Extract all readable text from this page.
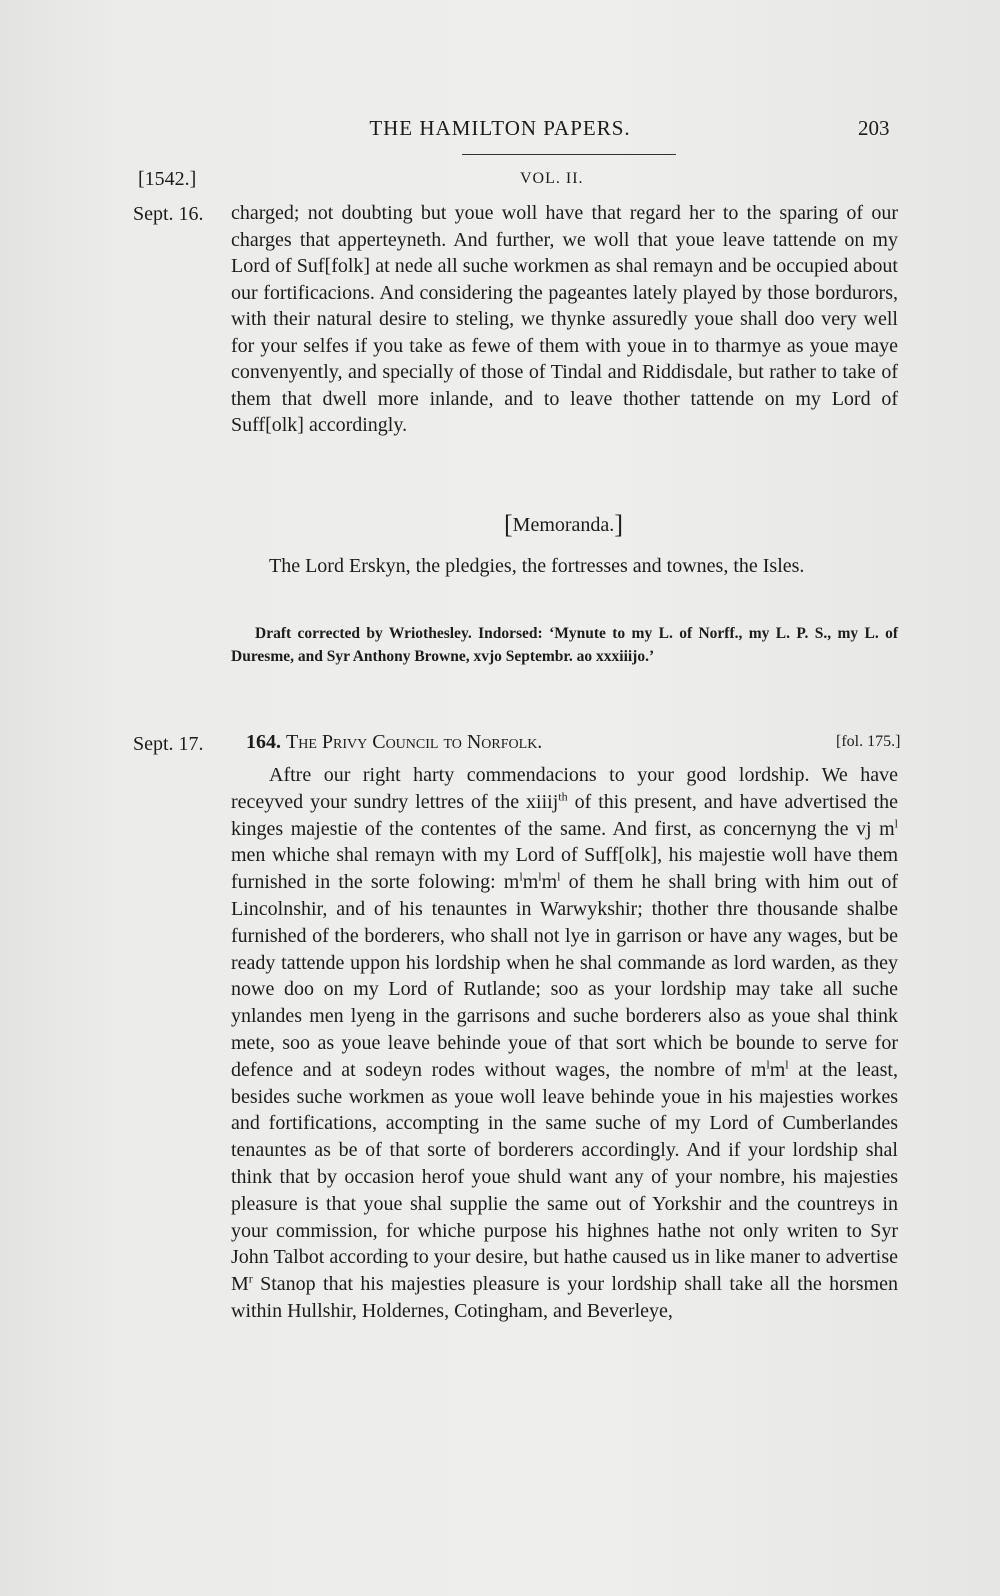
THE HAMILTON PAPERS.	203
[1542.]	VOL. II.
Sept. 16. charged; not doubting but youe woll have that regard her to the sparing of our charges that apperteyneth. And further, we woll that youe leave tattende on my Lord of Suf[folk] at nede all suche workmen as shal remayn and be occupied about our fortificacions. And considering the pageantes lately played by those bordurors, with their natural desire to steling, we thynke assuredly youe shall doo very well for your selfes if you take as fewe of them with youe in to tharmye as youe maye convenyently, and specially of those of Tindal and Riddisdale, but rather to take of them that dwell more inlande, and to leave thother tattende on my Lord of Suff[olk] accordingly.

[Memoranda.]

The Lord Erskyn, the pledgies, the fortresses and townes, the Isles.

Draft corrected by Wriothesley. Indorsed: ‘Mynute to my L. of Norff., my L. P. S., my L. of Duresme, and Syr Anthony Browne, xvjo Septembr. ao xxxiiijo.’

Sept. 17. 164. The Privy Council to Norfolk.	[fol. 175.]

Aftre our right harty commendacions to your good lordship. We have receyved your sundry lettres of the xiiij$^{th}$ of this present, and have advertised the kinges majestie of the contentes of the same. And first, as concernyng the vj $m^l$ men whiche shal remayn with my Lord of Suff[olk], his majestie woll have them furnished in the sorte folowing: $m^lm^lm^l$ of them he shall bring with him out of Lincolnshir, and of his tenauntes in Warwykshir; thother thre thousande shalbe furnished of the borderers, who shall not lye in garrison or have any wages, but be ready tattende uppon his lordship when he shal commande as lord warden, as they nowe doo on my Lord of Rutlande; soo as your lordship may take all suche ynlandes men lyeng in the garrisons and suche borderers also as youe shal think mete, soo as youe leave behinde youe of that sort which be bounde to serve for defence and at sodeyn rodes without wages, the nombre of $m^lm^l$ at the least, besides suche workmen as youe woll leave behinde youe in his majesties workes and fortifications, accompting in the same suche of my Lord of Cumberlandes tenauntes as be of that sorte of borderers accordingly. And if your lordship shal think that by occasion herof youe shuld want any of your nombre, his majesties pleasure is that youe shal supplie the same out of Yorkshir and the countreys in your commission, for whiche purpose his highnes hathe not only writen to Syr John Talbot according to your desire, but hathe caused us in like maner to advertise $M^r$ Stanop that his majesties pleasure is your lordship shall take all the horsmen within Hullshir, Holdernes, Cotingham, and Beverleye,
